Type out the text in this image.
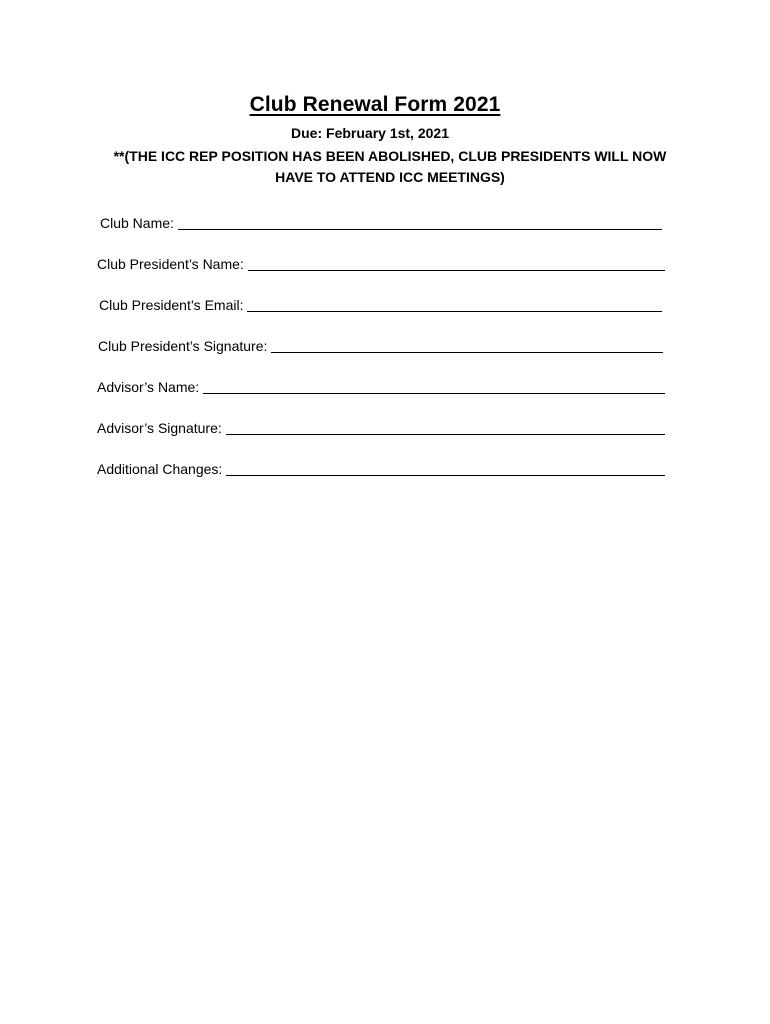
Club Renewal Form 2021
Due: February 1st, 2021
**(THE ICC REP POSITION HAS BEEN ABOLISHED, CLUB PRESIDENTS WILL NOW HAVE TO ATTEND ICC MEETINGS)
Club Name:
Club President’s Name:
Club President’s Email:
Club President’s Signature:
Advisor’s Name:
Advisor’s Signature:
Additional Changes:
